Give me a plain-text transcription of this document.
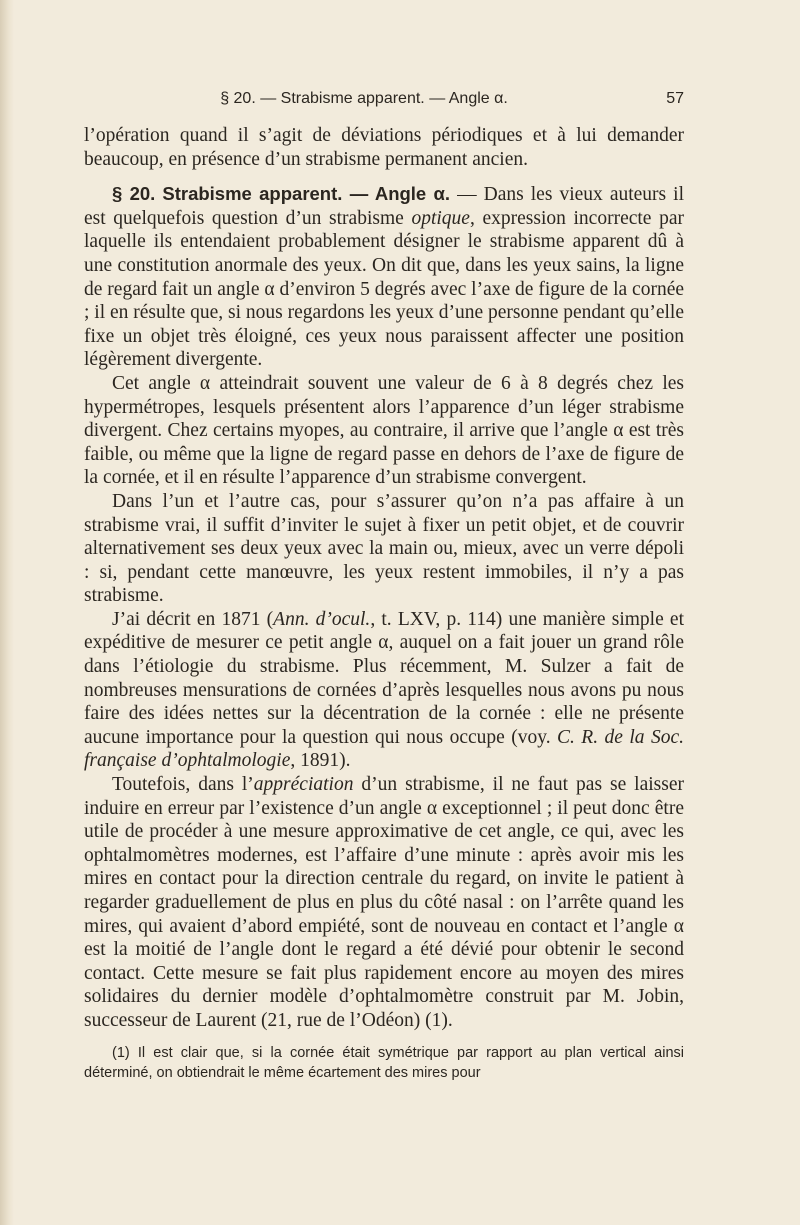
§ 20. — Strabisme apparent. — Angle α.	57

l’opération quand il s’agit de déviations périodiques et à lui demander beaucoup, en présence d’un strabisme permanent ancien.

§ 20. Strabisme apparent. — Angle α. — Dans les vieux auteurs il est quelquefois question d’un strabisme optique, expression incorrecte par laquelle ils entendaient probablement désigner le strabisme apparent dû à une constitution anormale des yeux. On dit que, dans les yeux sains, la ligne de regard fait un angle α d’environ 5 degrés avec l’axe de figure de la cornée ; il en résulte que, si nous regardons les yeux d’une personne pendant qu’elle fixe un objet très éloigné, ces yeux nous paraissent affecter une position légèrement divergente.

Cet angle α atteindrait souvent une valeur de 6 à 8 degrés chez les hypermétropes, lesquels présentent alors l’apparence d’un léger strabisme divergent. Chez certains myopes, au contraire, il arrive que l’angle α est très faible, ou même que la ligne de regard passe en dehors de l’axe de figure de la cornée, et il en résulte l’apparence d’un strabisme convergent.

Dans l’un et l’autre cas, pour s’assurer qu’on n’a pas affaire à un strabisme vrai, il suffit d’inviter le sujet à fixer un petit objet, et de couvrir alternativement ses deux yeux avec la main ou, mieux, avec un verre dépoli : si, pendant cette manœuvre, les yeux restent immobiles, il n’y a pas strabisme.

J’ai décrit en 1871 (Ann. d’ocul., t. LXV, p. 114) une manière simple et expéditive de mesurer ce petit angle α, auquel on a fait jouer un grand rôle dans l’étiologie du strabisme. Plus récemment, M. Sulzer a fait de nombreuses mensurations de cornées d’après lesquelles nous avons pu nous faire des idées nettes sur la décentration de la cornée : elle ne présente aucune importance pour la question qui nous occupe (voy. C. R. de la Soc. française d’ophtalmologie, 1891).

Toutefois, dans l’appréciation d’un strabisme, il ne faut pas se laisser induire en erreur par l’existence d’un angle α exceptionnel ; il peut donc être utile de procéder à une mesure approximative de cet angle, ce qui, avec les ophtalmomètres modernes, est l’affaire d’une minute : après avoir mis les mires en contact pour la direction centrale du regard, on invite le patient à regarder graduellement de plus en plus du côté nasal : on l’arrête quand les mires, qui avaient d’abord empiété, sont de nouveau en contact et l’angle α est la moitié de l’angle dont le regard a été dévié pour obtenir le second contact. Cette mesure se fait plus rapidement encore au moyen des mires solidaires du dernier modèle d’ophtalmomètre construit par M. Jobin, successeur de Laurent (21, rue de l’Odéon) (1).

(1) Il est clair que, si la cornée était symétrique par rapport au plan vertical ainsi déterminé, on obtiendrait le même écartement des mires pour
